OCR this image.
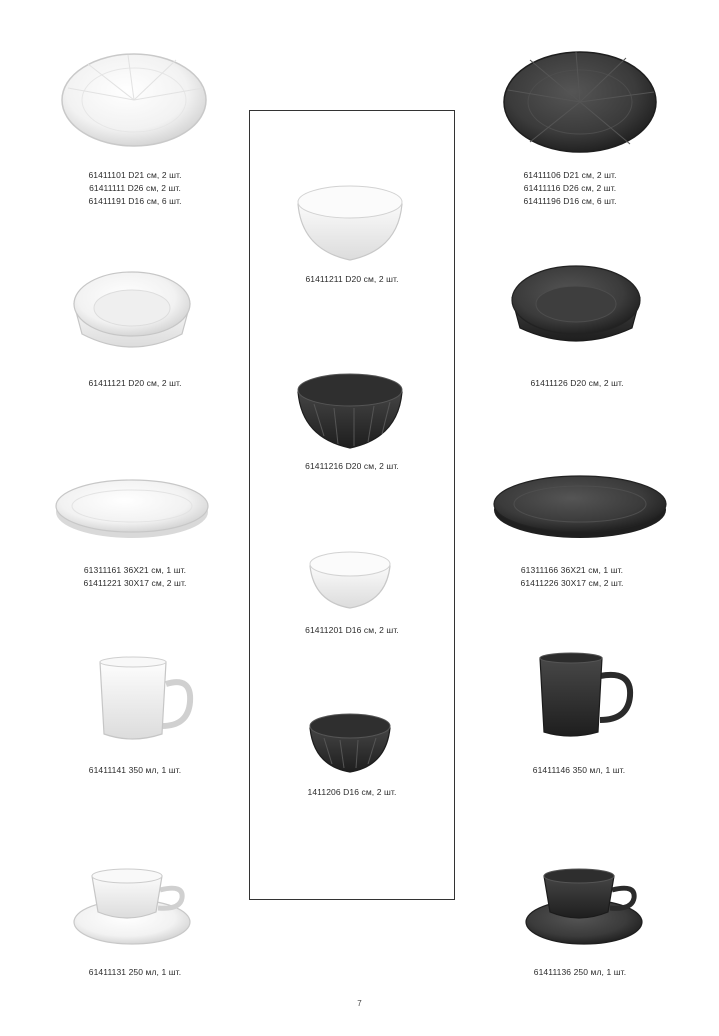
61411101 D21 см, 2 шт.
61411111 D26 см, 2 шт.
61411191 D16 см, 6 шт.
61411121 D20 см, 2 шт.
61311161 36X21 см, 1 шт.
61411221 30X17 см, 2 шт.
61411141 350 мл, 1 шт.
61411131 250 мл, 1 шт.
61411211 D20 см, 2 шт.
61411216 D20 см, 2 шт.
61411201 D16 см, 2 шт.
1411206 D16 см, 2 шт.
61411106 D21 см, 2 шт.
61411116 D26 см, 2 шт.
61411196 D16 см, 6 шт.
61411126 D20 см, 2 шт.
61311166 36X21 см, 1 шт.
61411226 30X17 см, 2 шт.
61411146 350 мл, 1 шт.
61411136 250 мл, 1 шт.
7
